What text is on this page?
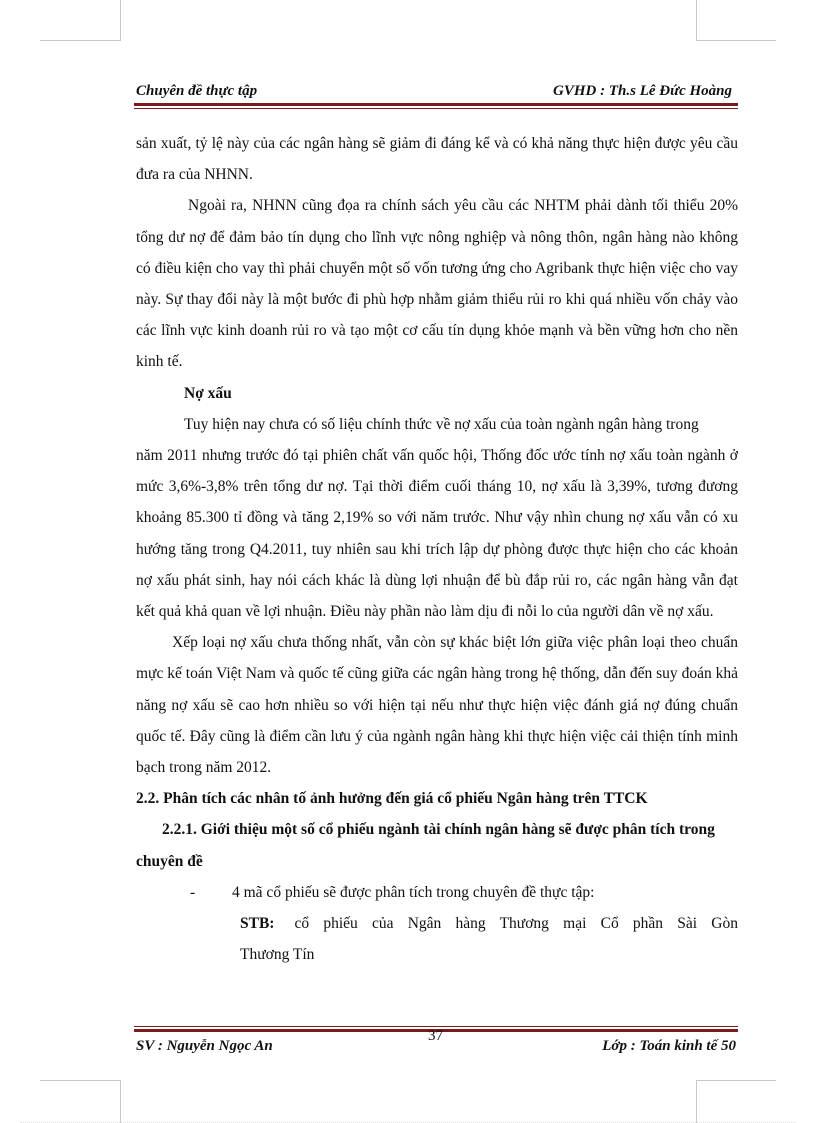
Chuyên đề thực tập	GVHD : Th.s Lê Đức Hoàng

sản xuất, tỷ lệ này của các ngân hàng sẽ giảm đi đáng kể và có khả năng thực hiện được yêu cầu đưa ra của NHNN.

Ngoài ra, NHNN cũng đọa ra chính sách yêu cầu các NHTM phải dành tối thiểu 20% tổng dư nợ để đảm bảo tín dụng cho lĩnh vực nông nghiệp và nông thôn, ngân hàng nào không có điều kiện cho vay thì phải chuyển một số vốn tương ứng cho Agribank thực hiện việc cho vay này. Sự thay đổi này là một bước đi phù hợp nhằm giảm thiểu rủi ro khi quá nhiều vốn chảy vào các lĩnh vực kinh doanh rủi ro và tạo một cơ cấu tín dụng khỏe mạnh và bền vững hơn cho nền kinh tế.

Nợ xấu

Tuy hiện nay chưa có số liệu chính thức về nợ xấu của toàn ngành ngân hàng trong

năm 2011 nhưng trước đó tại phiên chất vấn quốc hội, Thống đốc ước tính nợ xấu toàn ngành ở mức 3,6%-3,8% trên tổng dư nợ. Tại thời điểm cuối tháng 10, nợ xấu là 3,39%, tương đương khoảng 85.300 tỉ đồng và tăng 2,19% so với năm trước. Như vậy nhìn chung nợ xấu vẫn có xu hướng tăng trong Q4.2011, tuy nhiên sau khi trích lập dự phòng được thực hiện cho các khoản nợ xấu phát sinh, hay nói cách khác là dùng lợi nhuận để bù đắp rủi ro, các ngân hàng vẫn đạt kết quả khả quan về lợi nhuận. Điều này phần nào làm dịu đi nỗi lo của người dân về nợ xấu.

Xếp loại nợ xấu chưa thống nhất, vẫn còn sự khác biệt lớn giữa việc phân loại theo chuẩn mực kế toán Việt Nam và quốc tế cũng giữa các ngân hàng trong hệ thống, dẫn đến suy đoán khả năng nợ xấu sẽ cao hơn nhiều so với hiện tại nếu như thực hiện việc đánh giá nợ đúng chuẩn quốc tế. Đây cũng là điểm cần lưu ý của ngành ngân hàng khi thực hiện việc cải thiện tính minh bạch trong năm 2012.

2.2. Phân tích các nhân tố ảnh hưởng đến giá cổ phiếu Ngân hàng trên TTCK

2.2.1. Giới thiệu một số cổ phiếu ngành tài chính ngân hàng sẽ được phân tích trong chuyên đề

- 4 mã cổ phiếu sẽ được phân tích trong chuyên đề thực tập:

STB: cổ phiếu của Ngân hàng Thương mại Cổ phần Sài Gòn

Thương Tín

37
SV : Nguyễn Ngọc An	Lớp : Toán kinh tế 50
